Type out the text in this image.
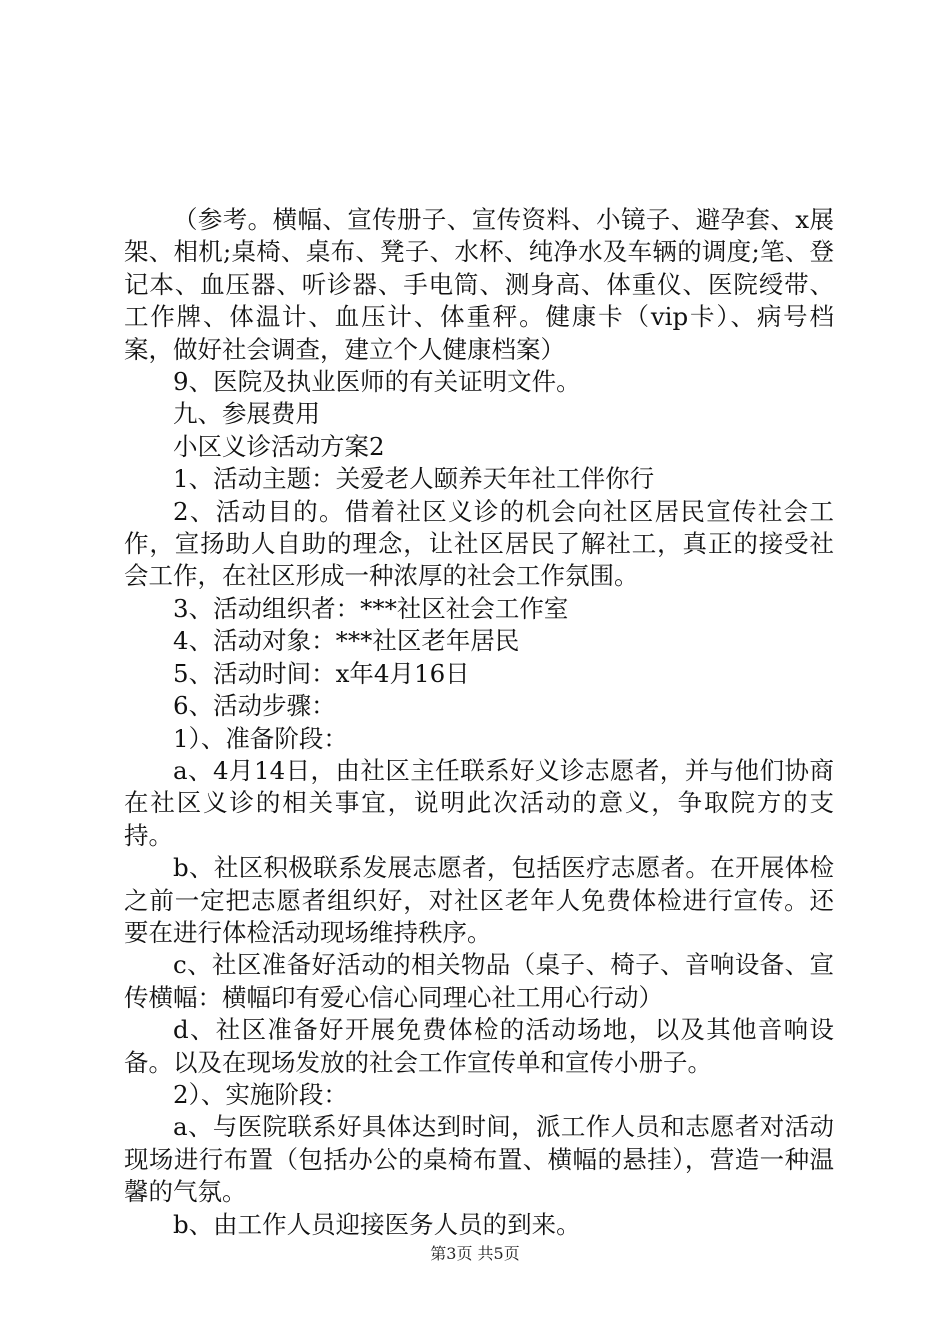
（参考。横幅、宣传册子、宣传资料、小镜子、避孕套、x展架、相机;桌椅、桌布、凳子、水杯、纯净水及车辆的调度;笔、登记本、血压器、听诊器、手电筒、测身高、体重仪、医院绶带、工作牌、体温计、血压计、体重秤。健康卡（vip卡）、病号档案，做好社会调查，建立个人健康档案）

9、医院及执业医师的有关证明文件。

九、参展费用

小区义诊活动方案2

1、活动主题：关爱老人颐养天年社工伴你行

2、活动目的。借着社区义诊的机会向社区居民宣传社会工作，宣扬助人自助的理念，让社区居民了解社工，真正的接受社会工作，在社区形成一种浓厚的社会工作氛围。

3、活动组织者：***社区社会工作室

4、活动对象：***社区老年居民

5、活动时间：x年4月16日

6、活动步骤：

1）、准备阶段：

a、4月14日，由社区主任联系好义诊志愿者，并与他们协商在社区义诊的相关事宜，说明此次活动的意义，争取院方的支持。

b、社区积极联系发展志愿者，包括医疗志愿者。在开展体检之前一定把志愿者组织好，对社区老年人免费体检进行宣传。还要在进行体检活动现场维持秩序。

c、社区准备好活动的相关物品（桌子、椅子、音响设备、宣传横幅：横幅印有爱心信心同理心社工用心行动）

d、社区准备好开展免费体检的活动场地，以及其他音响设备。以及在现场发放的社会工作宣传单和宣传小册子。

2）、实施阶段：

a、与医院联系好具体达到时间，派工作人员和志愿者对活动现场进行布置（包括办公的桌椅布置、横幅的悬挂），营造一种温馨的气氛。

b、由工作人员迎接医务人员的到来。

第3页 共5页
